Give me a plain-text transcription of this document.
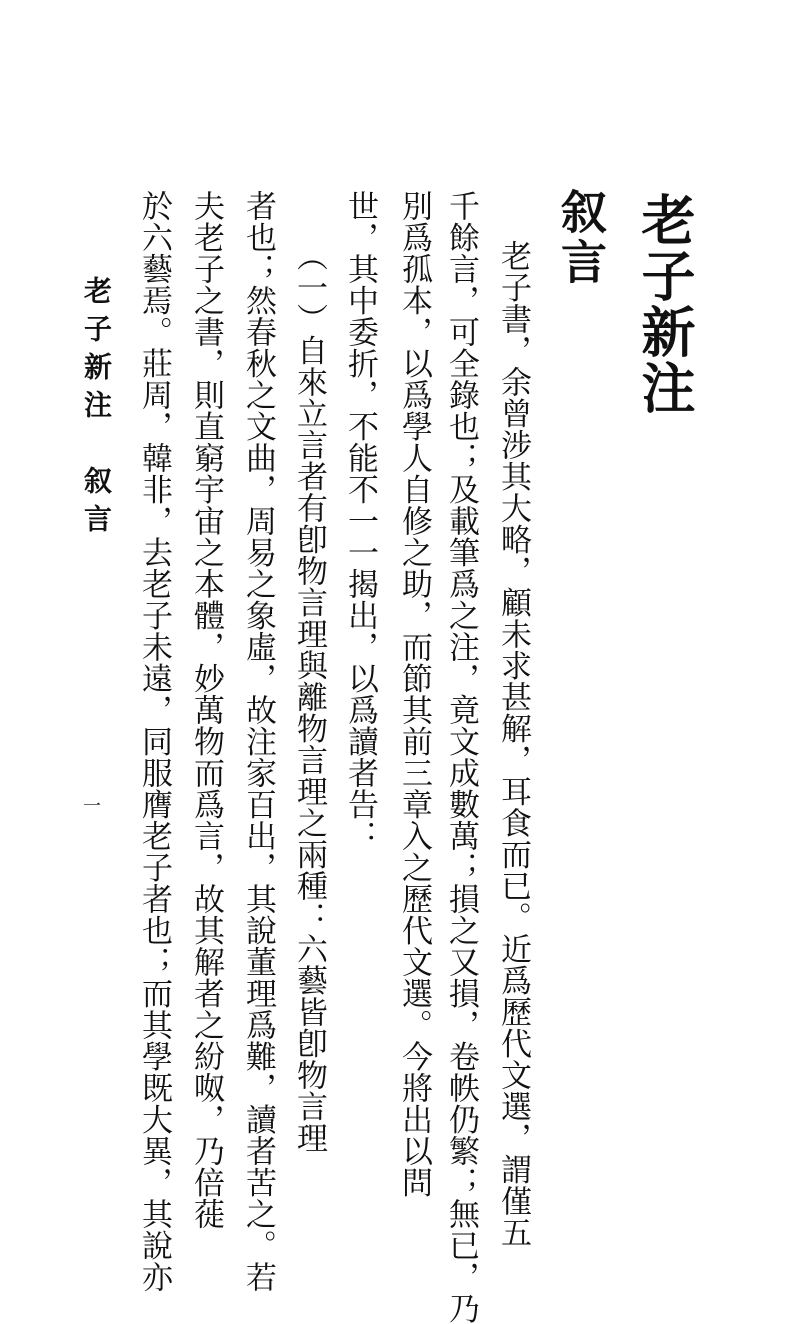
老子新注
叙言
老子書，余曾涉其大略，顧未求甚解，耳食而已。近爲歷代文選，謂僅五
千餘言，可全錄也；及載筆爲之注，竟文成數萬；損之又損，卷帙仍繁；無已，乃
別爲孤本，以爲學人自修之助，而節其前三章入之歷代文選。今將出以問
世，其中委折，不能不一一揭出，以爲讀者告：
（一）自來立言者有卽物言理與離物言理之兩種：六藝皆卽物言理
者也；然春秋之文曲，周易之象虛，故注家百出，其說董理爲難，讀者苦之。若
夫老子之書，則直窮宇宙之本體，妙萬物而爲言，故其解者之紛呶，乃倍蓰
於六藝焉。莊周，韓非，去老子未遠，同服膺老子者也；而其學既大異，其說亦
老子新注　叙言
一
